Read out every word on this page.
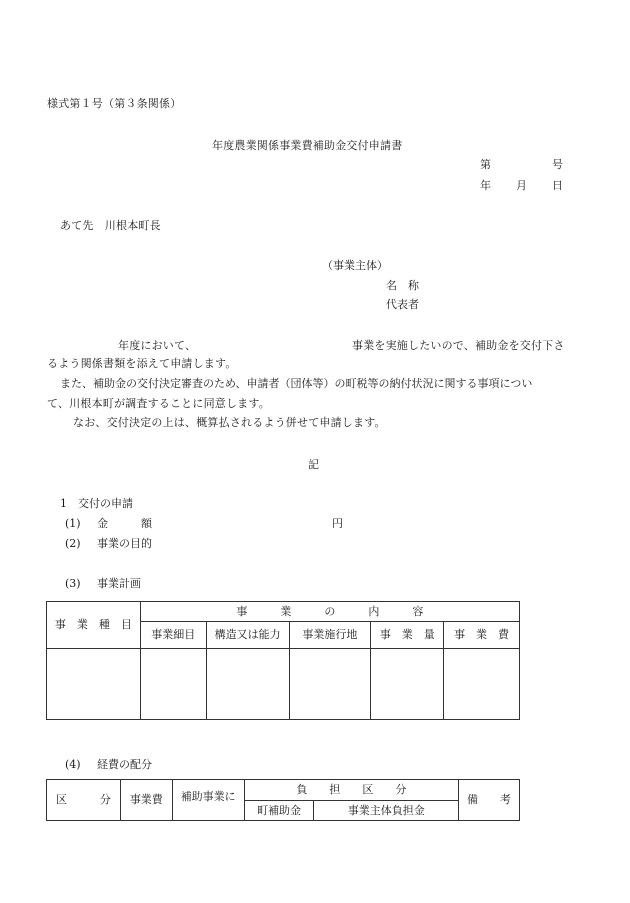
様式第１号（第３条関係）
年度農業関係事業費補助金交付申請書
第	号
年 月 日
あて先　川根本町長
（事業主体）
名　称
代表者
年度において、	事業を実施したいので、補助金を交付下さ
るよう関係書類を添えて申請します。
また、補助金の交付決定審査のため、申請者（団体等）の町税等の納付状況に関する事項につい
て、川根本町が調査することに同意します。
なお、交付決定の上は、概算払されるよう併せて申請します。
記
1　交付の申請
(1) 金　　　額	円
(2) 事業の目的
(3) 事業計画
事　業　種　目	事　　　業　　　の　　　内　　　容				
	事業細目	構造又は能力	事業施行地	事　業　量	事　業　費

(4) 経費の配分
区　　　分	事業費	補助事業に	負　　担　　区　　分		備　　考
			町補助金	事業主体負担金	
